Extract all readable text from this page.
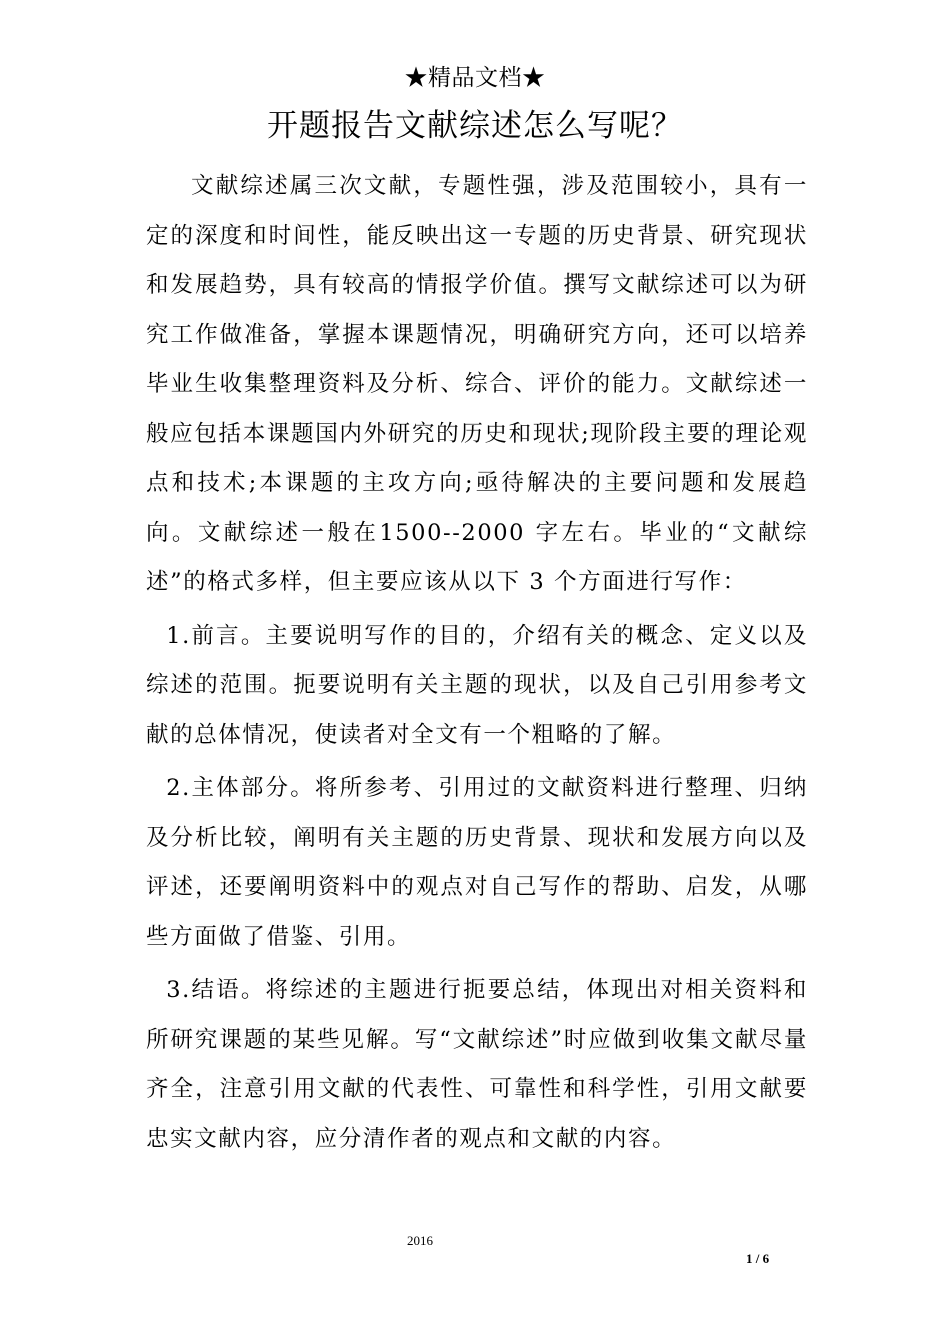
★精品文档★
开题报告文献综述怎么写呢？

文献综述属三次文献，专题性强，涉及范围较小，具有一定的深度和时间性，能反映出这一专题的历史背景、研究现状和发展趋势，具有较高的情报学价值。撰写文献综述可以为研究工作做准备，掌握本课题情况，明确研究方向，还可以培养毕业生收集整理资料及分析、综合、评价的能力。文献综述一般应包括本课题国内外研究的历史和现状;现阶段主要的理论观点和技术;本课题的主攻方向;亟待解决的主要问题和发展趋向。文献综述一般在1500--2000 字左右。毕业的“文献综述”的格式多样，但主要应该从以下 3 个方面进行写作：

1.前言。主要说明写作的目的，介绍有关的概念、定义以及综述的范围。扼要说明有关主题的现状，以及自己引用参考文献的总体情况，使读者对全文有一个粗略的了解。

2.主体部分。将所参考、引用过的文献资料进行整理、归纳及分析比较，阐明有关主题的历史背景、现状和发展方向以及评述，还要阐明资料中的观点对自己写作的帮助、启发，从哪些方面做了借鉴、引用。

3.结语。将综述的主题进行扼要总结，体现出对相关资料和所研究课题的某些见解。写“文献综述”时应做到收集文献尽量齐全，注意引用文献的代表性、可靠性和科学性，引用文献要忠实文献内容，应分清作者的观点和文献的内容。

2016
1 / 6
